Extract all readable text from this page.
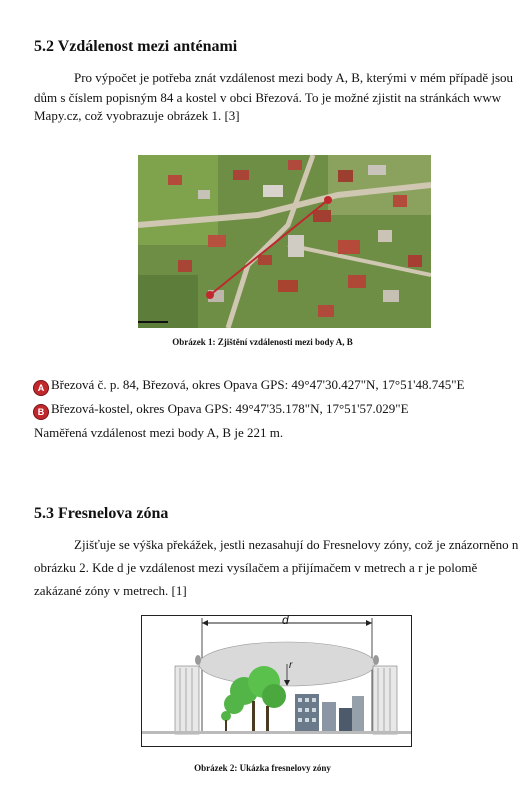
5.2 Vzdálenost mezi anténami
Pro výpočet je potřeba znát vzdálenost mezi body A, B, kterými v mém případě jsou
dům s číslem popisným 84 a kostel v obci Březová. To je možné zjistit na stránkách www
Mapy.cz, což vyobrazuje obrázek 1. [3]
Obrázek 1: Zjištění vzdálenosti mezi body A, B
A Březová č. p. 84, Březová, okres Opava GPS: 49°47'30.427"N, 17°51'48.745"E
B Březová-kostel, okres Opava GPS: 49°47'35.178"N, 17°51'57.029"E
Naměřená vzdálenost mezi body A, B je 221 m.
5.3 Fresnelova zóna
Zjišťuje se výška překážek, jestli nezasahují do Fresnelovy zóny, což je znázorněno n
obrázku 2. Kde d je vzdálenost mezi vysílačem a přijímačem v metrech a r je polomě
zakázané zóny v metrech. [1]
d
r
Obrázek 2: Ukázka fresnelovy zóny
